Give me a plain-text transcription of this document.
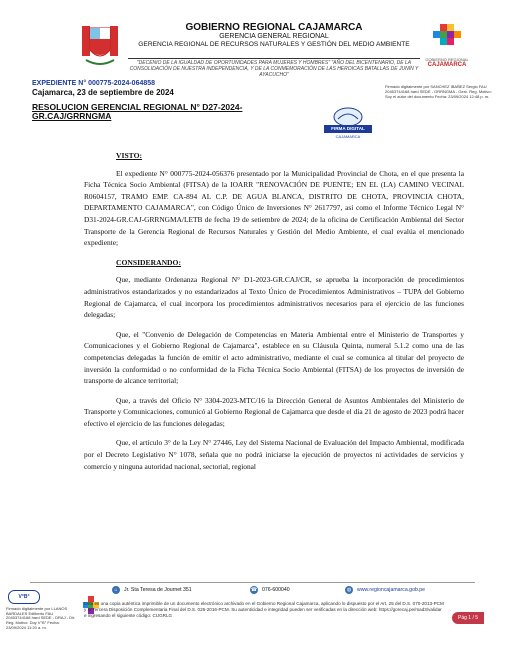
GOBIERNO REGIONAL CAJAMARCA
GERENCIA GENERAL REGIONAL
GERENCIA REGIONAL DE RECURSOS NATURALES Y GESTIÓN DEL MEDIO AMBIENTE
"DECENIO DE LA IGUALDAD DE OPORTUNIDADES PARA MUJERES Y HOMBRES" "AÑO DEL BICENTENARIO, DE LA CONSOLIDACIÓN DE NUESTRA INDEPENDENCIA, Y DE LA CONMEMORACIÓN DE LAS HEROICAS BATALLAS DE JUNÍN Y AYACUCHO"
GOBIERNO REGIONAL
CAJAMARCA
EXPEDIENTE N° 000775-2024-064858
Cajamarca, 23 de septiembre de 2024
RESOLUCION GERENCIAL REGIONAL N° D27-2024-GR.CAJ/GRRNGMA
FIRMA DIGITAL
CAJAMARCA
Firmado digitalmente por SANCHEZ IBAÑEZ Sergio FAU 20453744168 hard SEDE - GRRNGMA - Gerc. Reg. Motivo: Soy el autor del documento Fecha: 23/09/2024 12:48 p. m.
VISTO:

El expediente N° 000775-2024-056376 presentado por la Municipalidad Provincial de Chota, en el que presenta la Ficha Técnica Socio Ambiental (FITSA) de la IOARR "RENOVACIÓN DE PUENTE; EN EL (LA) CAMINO VECINAL R0604157, TRAMO EMP. CA-894 AL C.P. DE AGUA BLANCA, DISTRITO DE CHOTA, PROVINCIA CHOTA, DEPARTAMENTO CAJAMARCA", con Código Único de Inversiones N° 2617797, así como el Informe Técnico Legal N° D31-2024-GR.CAJ-GRRNGMA/LETB de fecha 19 de setiembre de 2024; de la oficina de Certificación Ambiental del Sector Transporte de la Gerencia Regional de Recursos Naturales y Gestión del Medio Ambiente, el cual evalúa el mencionado expediente;

CONSIDERANDO:

Que, mediante Ordenanza Regional N° D1-2023-GR.CAJ/CR, se aprueba la incorporación de procedimientos administrativos estandarizados y no estandarizados al Texto Único de Procedimientos Administrativos – TUPA del Gobierno Regional de Cajamarca, el cual incorpora los procedimientos administrativos necesarios para el ejercicio de las funciones delegadas;

Que, el "Convenio de Delegación de Competencias en Materia Ambiental entre el Ministerio de Transportes y Comunicaciones y el Gobierno Regional de Cajamarca", establece en su Cláusula Quinta, numeral 5.1.2 como una de las competencias delegadas la función de emitir el acto administrativo, mediante el cual se comunica al titular del proyecto de inversión la conformidad o no conformidad de la Ficha Técnica Socio Ambiental (FITSA) de los proyectos de inversión de transporte de alcance territorial;

Que, a través del Oficio N° 3304-2023-MTC/16 la Dirección General de Asuntos Ambientales del Ministerio de Transporte y Comunicaciones, comunicó al Gobierno Regional de Cajamarca que desde el día 21 de agosto de 2023 podrá hacer efectivo el ejercicio de las funciones delegadas;

Que, el artículo 3° de la Ley N° 27446, Ley del Sistema Nacional de Evaluación del Impacto Ambiental, modificada por el Decreto Legislativo N° 1078, señala que no podrá iniciarse la ejecución de proyectos ni actividades de servicios y comercio y ninguna autoridad nacional, sectorial, regional

V°B°
Firmado digitalmente por LLANOS BARDALES Edilberto FAU 20453744168 hard SEDE - DRAJ - Dir. Reg. Motivo: Doy V°B° Fecha: 23/09/2024 11:20 a. m.
⌂	Jr. Sta Teresa de Journet 351	☎ 076-600040	◍	www.regioncajamarca.gob.pe
Esta es una copia auténtica imprimible de un documento electrónico archivado en el Gobierno Regional Cajamarca, aplicando lo dispuesto por el Art. 25 del D.S. 070-2013-PCM y la Tercera Disposición Complementaria Final del D.S. 026-2016-PCM. Su autenticidad e integridad pueden ser verificadas en la dirección web: https://gorecaj.pe/mad3/validar e ingresando el siguiente código: CUGRLG	Pág 1 / 5
